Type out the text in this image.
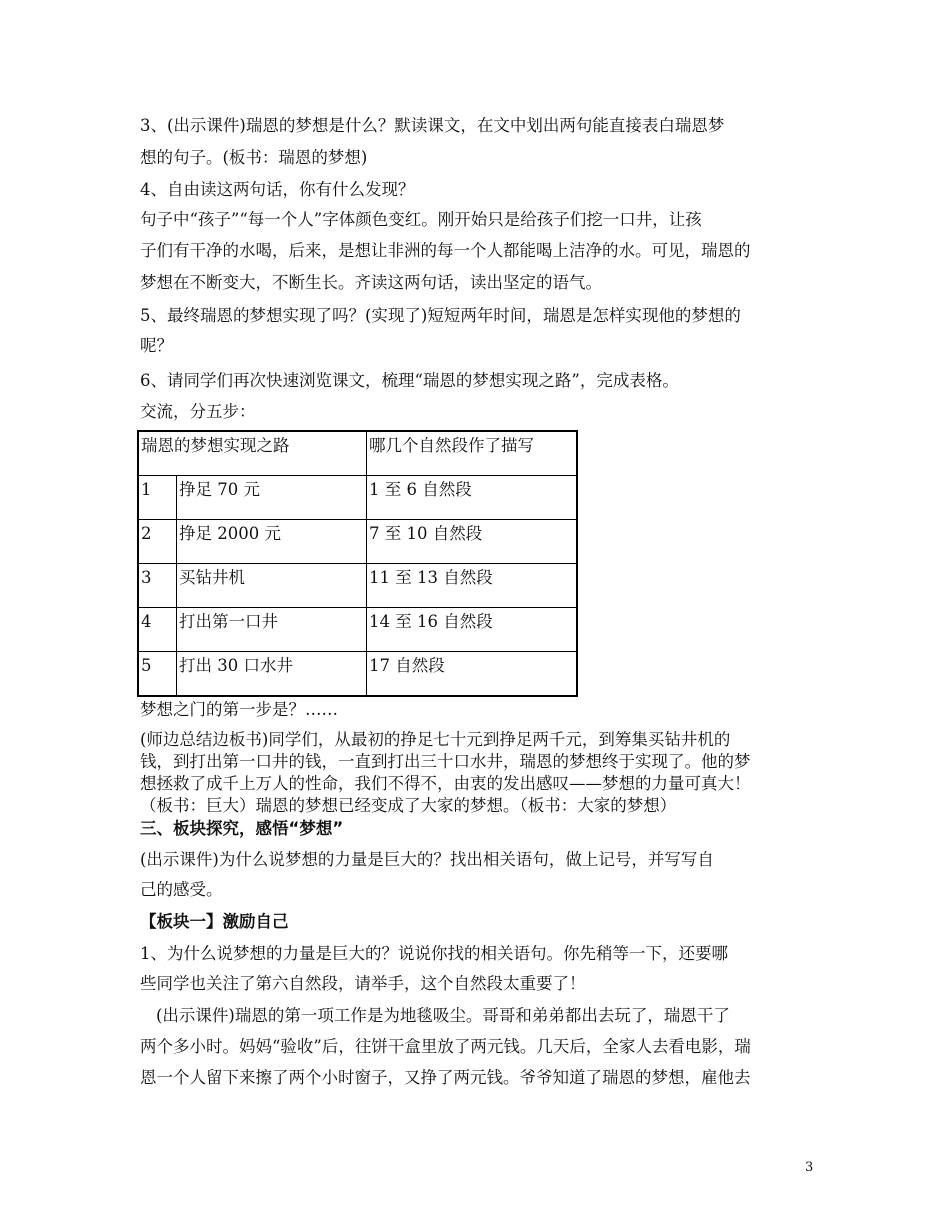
3、(出示课件)瑞恩的梦想是什么？默读课文，在文中划出两句能直接表白瑞恩梦
想的句子。(板书：瑞恩的梦想)
4、自由读这两句话，你有什么发现？
句子中“孩子”“每一个人”字体颜色变红。刚开始只是给孩子们挖一口井，让孩
子们有干净的水喝，后来，是想让非洲的每一个人都能喝上洁净的水。可见，瑞恩的
梦想在不断变大，不断生长。齐读这两句话，读出坚定的语气。
5、最终瑞恩的梦想实现了吗？(实现了)短短两年时间，瑞恩是怎样实现他的梦想的
呢？
6、请同学们再次快速浏览课文，梳理“瑞恩的梦想实现之路”，完成表格。
交流，分五步：
瑞恩的梦想实现之路		哪几个自然段作了描写
1	挣足 70 元	1 至 6 自然段
2	挣足 2000 元	7 至 10 自然段
3	买钻井机	11 至 13 自然段
4	打出第一口井	14 至 16 自然段
5	打出 30 口水井	17 自然段
梦想之门的第一步是？……
(师边总结边板书)同学们，从最初的挣足七十元到挣足两千元，到筹集买钻井机的
钱，到打出第一口井的钱，一直到打出三十口水井，瑞恩的梦想终于实现了。他的梦
想拯救了成千上万人的性命，我们不得不，由衷的发出感叹——梦想的力量可真大！
（板书：巨大）瑞恩的梦想已经变成了大家的梦想。（板书：大家的梦想）
三、板块探究，感悟“梦想”
(出示课件)为什么说梦想的力量是巨大的？找出相关语句，做上记号，并写写自
己的感受。
【板块一】激励自己
1、为什么说梦想的力量是巨大的？说说你找的相关语句。你先稍等一下，还要哪
些同学也关注了第六自然段，请举手，这个自然段太重要了！
(出示课件)瑞恩的第一项工作是为地毯吸尘。哥哥和弟弟都出去玩了，瑞恩干了
两个多小时。妈妈“验收”后，往饼干盒里放了两元钱。几天后，全家人去看电影，瑞
恩一个人留下来擦了两个小时窗子，又挣了两元钱。爷爷知道了瑞恩的梦想，雇他去
3
